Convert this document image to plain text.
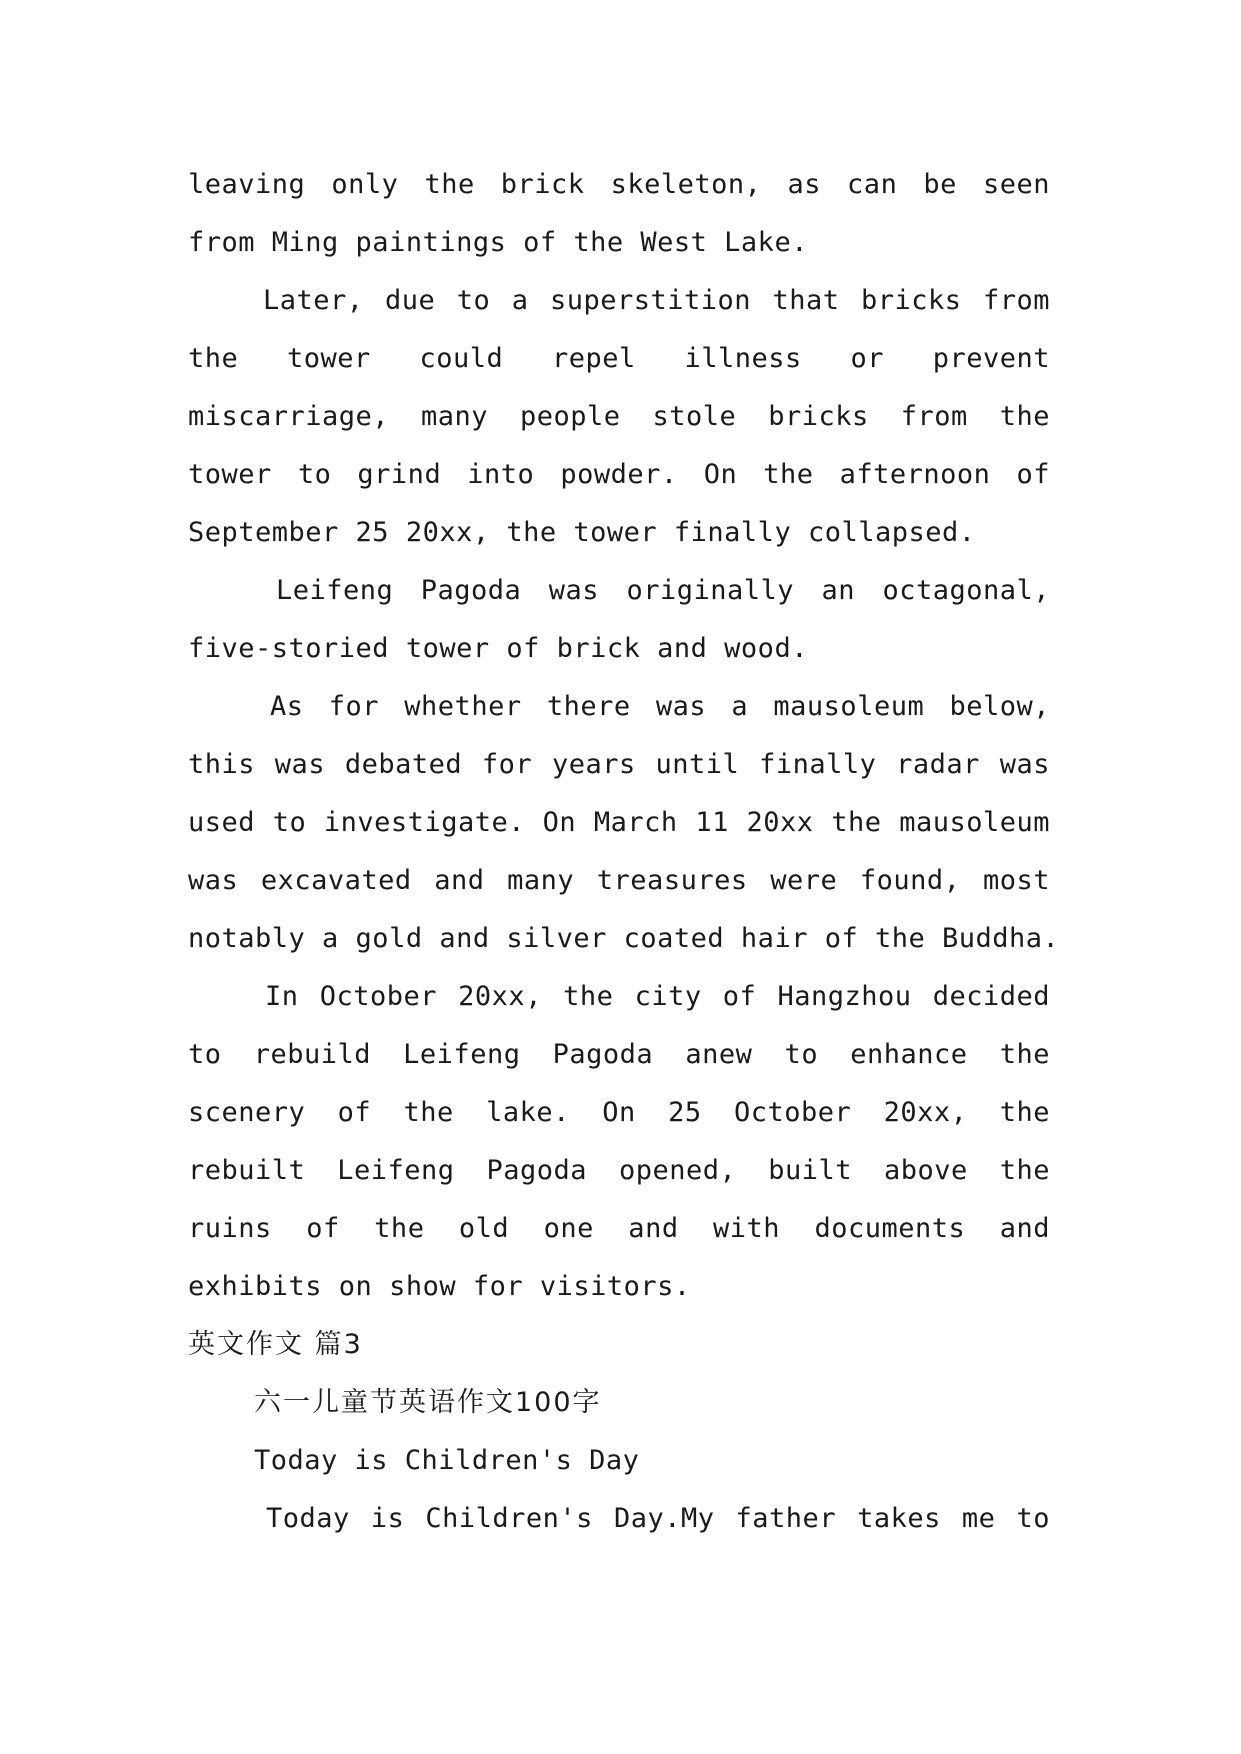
leaving only the brick skeleton, as can be seen
from Ming paintings of the West Lake.
Later, due to a superstition that bricks from
the tower could repel illness or prevent
miscarriage, many people stole bricks from the
tower to grind into powder. On the afternoon of
September 25 20xx, the tower finally collapsed.
Leifeng Pagoda was originally an octagonal,
five-storied tower of brick and wood.
As for whether there was a mausoleum below,
this was debated for years until finally radar was
used to investigate. On March 11 20xx the mausoleum
was excavated and many treasures were found, most
notably a gold and silver coated hair of the Buddha.
In October 20xx, the city of Hangzhou decided
to rebuild Leifeng Pagoda anew to enhance the
scenery of the lake. On 25 October 20xx, the
rebuilt Leifeng Pagoda opened, built above the
ruins of the old one and with documents and
exhibits on show for visitors.
英文作文 篇3
六一儿童节英语作文100字
Today is Children's Day
Today is Children's Day.My father takes me to
